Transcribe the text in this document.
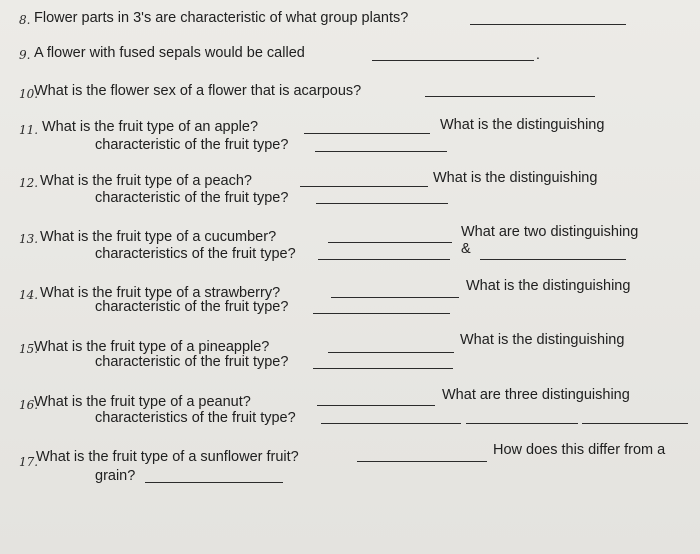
8. Flower parts in 3's are characteristic of what group plants?
9. A flower with fused sepals would be called	.
10.
What is the flower sex of a flower that is acarpous?
11. What is the fruit type of an apple?	What is the distinguishing
characteristic of the fruit type?
12. What is the fruit type of a peach?	What is the distinguishing
characteristic of the fruit type?
13. What is the fruit type of a cucumber?	What are two distinguishing
characteristics of the fruit type?	&
14. What is the fruit type of a strawberry?	What is the distinguishing
characteristic of the fruit type?
15.
What is the fruit type of a pineapple?	What is the distinguishing
characteristic of the fruit type?
16.
What is the fruit type of a peanut?	What are three distinguishing
characteristics of the fruit type?
17.
What is the fruit type of a sunflower fruit?	How does this differ from a
grain?
